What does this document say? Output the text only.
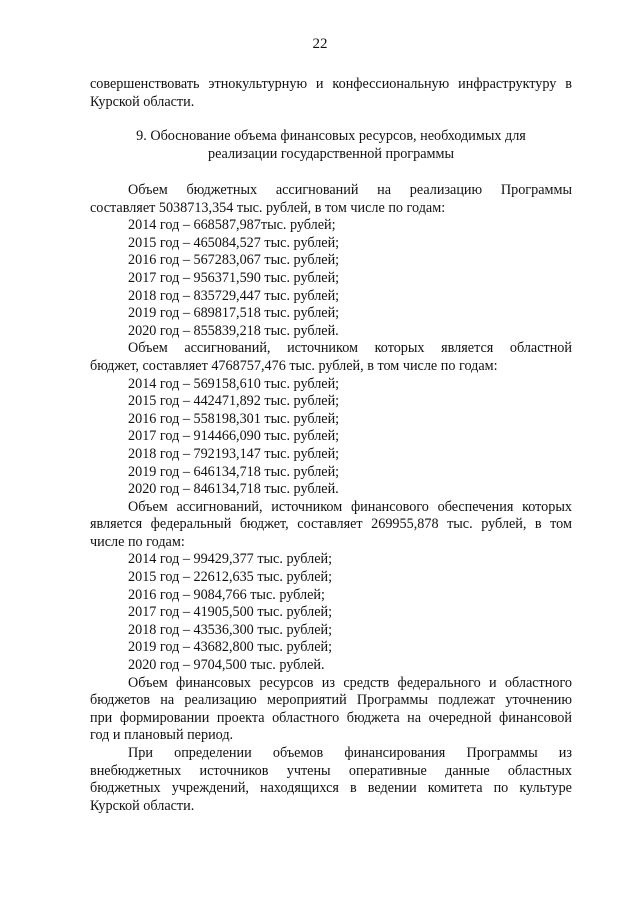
22
совершенствовать этнокультурную и конфессиональную инфраструктуру в
Курской области.
9. Обоснование объема финансовых ресурсов, необходимых для
реализации государственной программы
Объем бюджетных ассигнований на реализацию Программы
составляет 5038713,354 тыс. рублей, в том числе по годам:
2014 год – 668587,987тыс. рублей;
2015 год – 465084,527 тыс. рублей;
2016 год – 567283,067 тыс. рублей;
2017 год – 956371,590 тыс. рублей;
2018 год – 835729,447 тыс. рублей;
2019 год – 689817,518 тыс. рублей;
2020 год – 855839,218 тыс. рублей.
Объем ассигнований, источником которых является областной
бюджет, составляет 4768757,476 тыс. рублей, в том числе по годам:
2014 год – 569158,610 тыс. рублей;
2015 год – 442471,892 тыс. рублей;
2016 год – 558198,301 тыс. рублей;
2017 год – 914466,090 тыс. рублей;
2018 год – 792193,147 тыс. рублей;
2019 год – 646134,718 тыс. рублей;
2020 год – 846134,718 тыс. рублей.
Объем ассигнований, источником финансового обеспечения которых
является федеральный бюджет, составляет 269955,878 тыс. рублей, в том
числе по годам:
2014 год – 99429,377 тыс. рублей;
2015 год – 22612,635 тыс. рублей;
2016 год – 9084,766 тыс. рублей;
2017 год – 41905,500 тыс. рублей;
2018 год – 43536,300 тыс. рублей;
2019 год – 43682,800 тыс. рублей;
2020 год – 9704,500 тыс. рублей.
Объем финансовых ресурсов из средств федерального и областного
бюджетов на реализацию мероприятий Программы подлежат уточнению
при формировании проекта областного бюджета на очередной финансовой
год и плановый период.
При определении объемов финансирования Программы из
внебюджетных источников учтены оперативные данные областных
бюджетных учреждений, находящихся в ведении комитета по культуре
Курской области.
